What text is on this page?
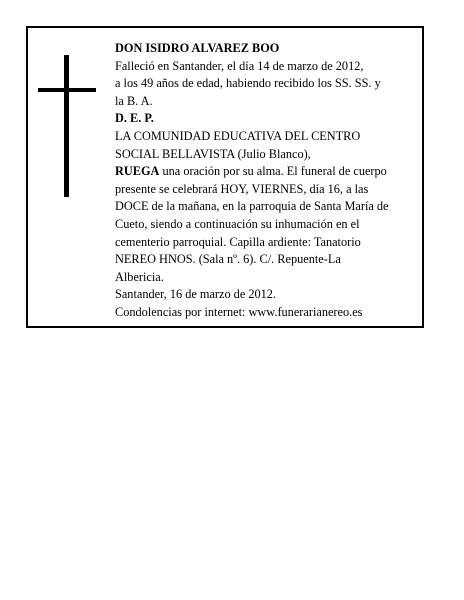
DON ISIDRO ALVAREZ BOO
Falleció en Santander, el día 14 de marzo de 2012,
a los 49 años de edad, habiendo recibido los SS. SS. y
la B. A.
D. E. P.
LA COMUNIDAD EDUCATIVA DEL CENTRO
SOCIAL BELLAVISTA (Julio Blanco),
RUEGA una oración por su alma. El funeral de cuerpo
presente se celebrará HOY, VIERNES, día 16, a las
DOCE de la mañana, en la parroquia de Santa María de
Cueto, siendo a continuación su inhumación en el
cementerio parroquial. Capilla ardiente: Tanatorio
NEREO HNOS. (Sala nº. 6). C/. Repuente-La
Albericia.
Santander, 16 de marzo de 2012.
Condolencias por internet: www.funerarianereo.es
